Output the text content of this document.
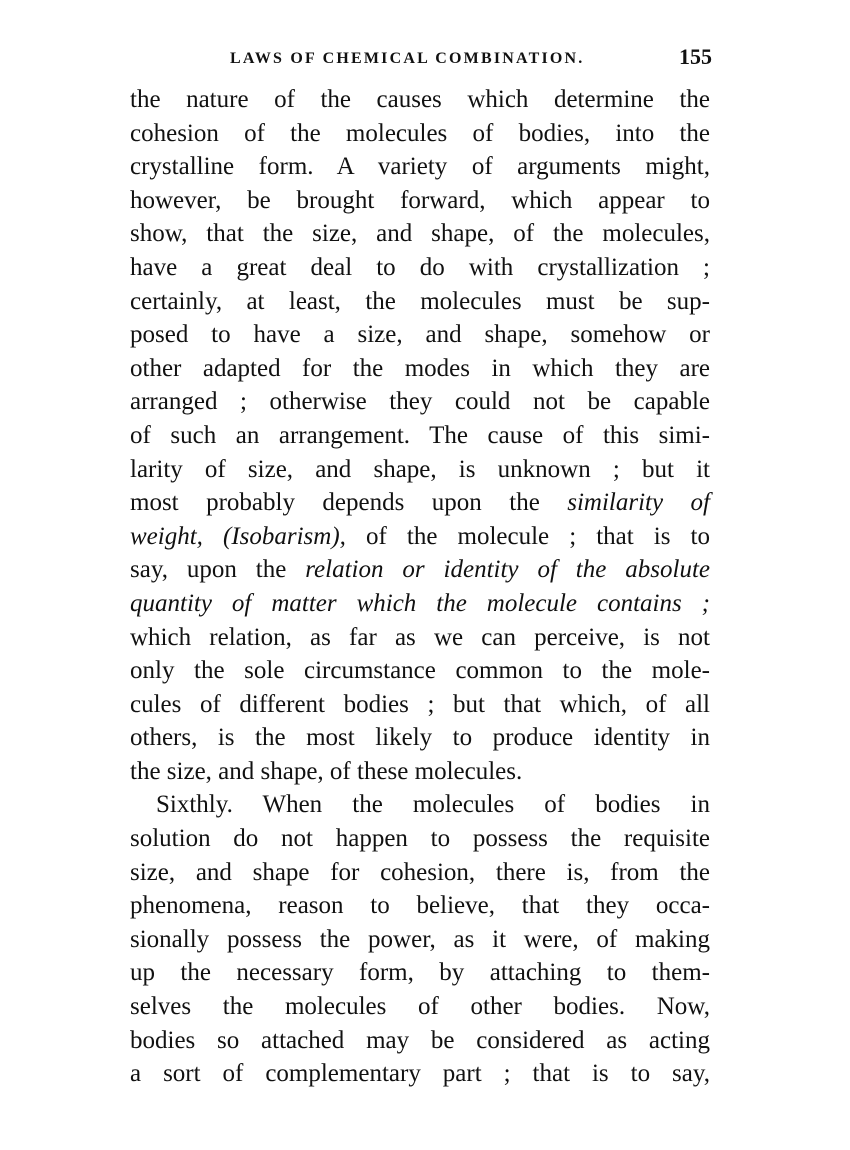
LAWS OF CHEMICAL COMBINATION.	155
the nature of the causes which determine the
cohesion of the molecules of bodies, into the
crystalline form. A variety of arguments might,
however, be brought forward, which appear to
show, that the size, and shape, of the molecules,
have a great deal to do with crystallization ;
certainly, at least, the molecules must be sup-
posed to have a size, and shape, somehow or
other adapted for the modes in which they are
arranged ; otherwise they could not be capable
of such an arrangement. The cause of this simi-
larity of size, and shape, is unknown ; but it
most probably depends upon the similarity of
weight, (Isobarism), of the molecule ; that is to
say, upon the relation or identity of the absolute
quantity of matter which the molecule contains ;
which relation, as far as we can perceive, is not
only the sole circumstance common to the mole-
cules of different bodies ; but that which, of all
others, is the most likely to produce identity in
the size, and shape, of these molecules.
Sixthly. When the molecules of bodies in
solution do not happen to possess the requisite
size, and shape for cohesion, there is, from the
phenomena, reason to believe, that they occa-
sionally possess the power, as it were, of making
up the necessary form, by attaching to them-
selves the molecules of other bodies. Now,
bodies so attached may be considered as acting
a sort of complementary part ; that is to say,
